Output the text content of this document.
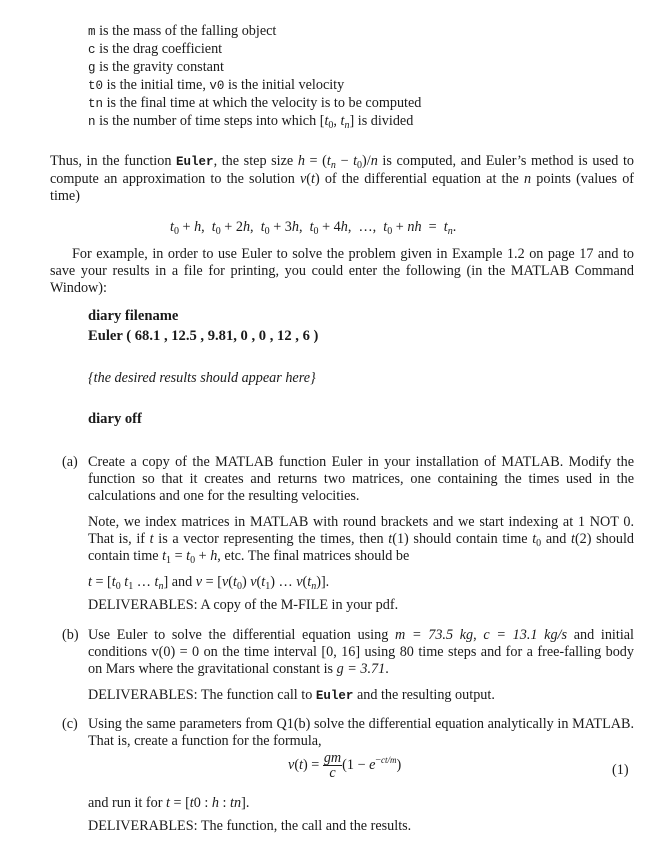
m is the mass of the falling object
c is the drag coefficient
g is the gravity constant
t0 is the initial time, v0 is the initial velocity
tn is the final time at which the velocity is to be computed
n is the number of time steps into which [$t_0$, $t_n$] is divided
Thus, in the function Euler, the step size $h = (t_n - t_0)/n$ is computed, and Euler’s method is used to compute an approximation to the solution v(t) of the differential equation at the n points (values of time)
$t_0 + h$,  $t_0 + 2h$,  $t_0 + 3h$,  $t_0 + 4h$,  …,  $t_0$ + nh  =  $t_n$.
For example, in order to use Euler to solve the problem given in Example 1.2 on page 17 and to save your results in a file for printing, you could enter the following (in the MATLAB Command Window):
diary filename
Euler ( 68.1 , 12.5 , 9.81, 0 , 0 , 12 , 6 )
{the desired results should appear here}
diary off
(a) Create a copy of the MATLAB function Euler in your installation of MATLAB. Modify the function so that it creates and returns two matrices, one containing the times used in the calculations and one for the resulting velocities.
Note, we index matrices in MATLAB with round brackets and we start indexing at 1 NOT 0. That is, if t is a vector representing the times, then t(1) should contain time $t_0$ and t(2) should contain time $t_1 = t_0 + h$, etc. The final matrices should be
$t = [t_0$ $t_1$ … $t_n$] and $v = [v(t_0)$ $v(t_1)$ … $v(t_n)$].
DELIVERABLES: A copy of the M-FILE in your pdf.
(b) Use Euler to solve the differential equation using m = 73.5 kg, c = 13.1 kg/s and initial conditions v(0) = 0 on the time interval [0, 16] using 80 time steps and for a free-falling body on Mars where the gravitational constant is g = 3.71.
DELIVERABLES: The function call to Euler and the resulting output.
(c) Using the same parameters from Q1(b) solve the differential equation analytically in MATLAB. That is, create a function for the formula,
$v(t) = \frac{gm}{c} (1 - e^{-ct/m})$	(1)
and run it for t = [t0 : h : tn].
DELIVERABLES: The function, the call and the results.
